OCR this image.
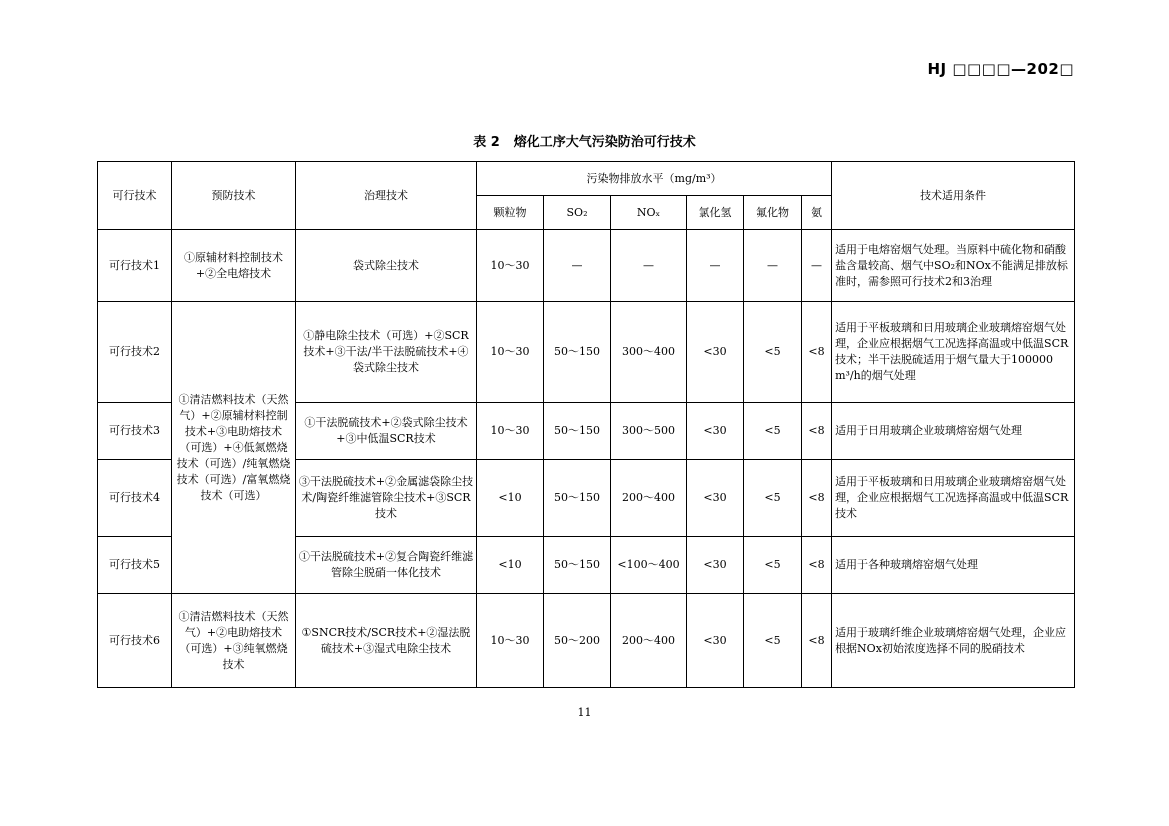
HJ □□□□—202□
表 2 熔化工序大气污染防治可行技术
可行技术	预防技术	治理技术	污染物排放水平（mg/m³）						技术适用条件
			颗粒物	SO₂	NOₓ	氯化氢	氟化物	氨	
可行技术1	①原辅材料控制技术+②全电熔技术	袋式除尘技术	10～30	—	—	—	—	—	适用于电熔窑烟气处理。当原料中硫化物和硝酸盐含量较高、烟气中SO₂和NOx不能满足排放标准时，需参照可行技术2和3治理
可行技术2	①清洁燃料技术（天然气）+②原辅材料控制技术+③电助熔技术（可选）+④低氮燃烧技术（可选）/纯氧燃烧技术（可选）/富氧燃烧技术（可选）	①静电除尘技术（可选）+②SCR技术+③干法/半干法脱硫技术+④袋式除尘技术	10～30	50～150	300～400	<30	<5	<8	适用于平板玻璃和日用玻璃企业玻璃熔窑烟气处理，企业应根据烟气工况选择高温或中低温SCR技术；半干法脱硫适用于烟气量大于100000 m³/h的烟气处理
可行技术3		①干法脱硫技术+②袋式除尘技术+③中低温SCR技术	10～30	50～150	300～500	<30	<5	<8	适用于日用玻璃企业玻璃熔窑烟气处理
可行技术4		③干法脱硫技术+②金属滤袋除尘技术/陶瓷纤维滤管除尘技术+③SCR技术	<10	50～150	200～400	<30	<5	<8	适用于平板玻璃和日用玻璃企业玻璃熔窑烟气处理，企业应根据烟气工况选择高温或中低温SCR技术
可行技术5		①干法脱硫技术+②复合陶瓷纤维滤管除尘脱硝一体化技术	<10	50～150	<100～400	<30	<5	<8	适用于各种玻璃熔窑烟气处理
可行技术6	①清洁燃料技术（天然气）+②电助熔技术（可选）+③纯氧燃烧技术	①SNCR技术/SCR技术+②湿法脱硫技术+③湿式电除尘技术	10～30	50～200	200～400	<30	<5	<8	适用于玻璃纤维企业玻璃熔窑烟气处理，企业应根据NOx初始浓度选择不同的脱硝技术
11
